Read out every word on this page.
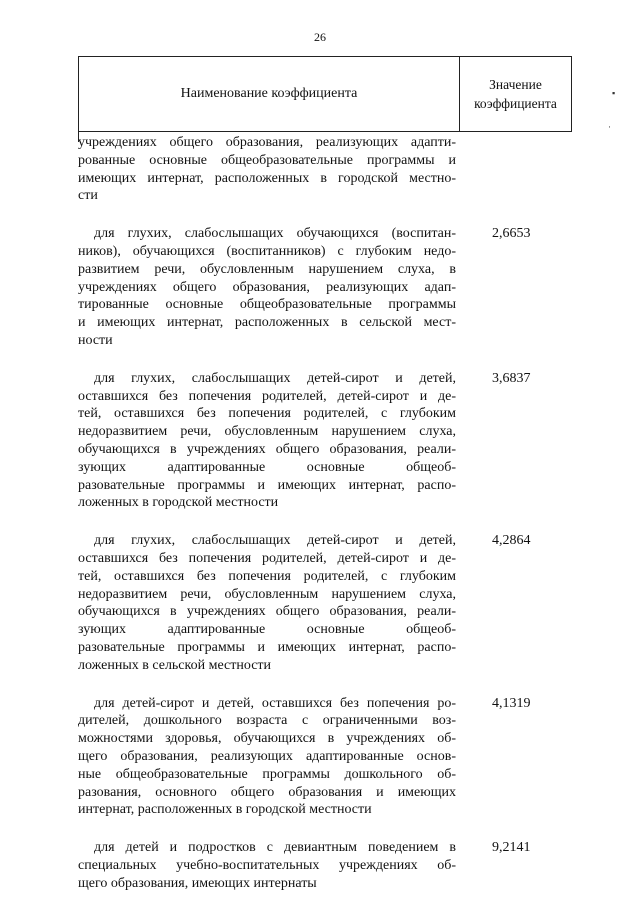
26
Наименование коэффициента
Значение
коэффициента
учреждениях общего образования, реализующих адапти-
рованные основные общеобразовательные программы и
имеющих интернат, расположенных в городской местно-
сти
для глухих, слабослышащих обучающихся (воспитан-
ников), обучающихся (воспитанников) с глубоким недо-
развитием речи, обусловленным нарушением слуха, в
учреждениях общего образования, реализующих адап-
тированные основные общеобразовательные программы
и имеющих интернат, расположенных в сельской мест-
ности
2,6653
для глухих, слабослышащих детей-сирот и детей,
оставшихся без попечения родителей, детей-сирот и де-
тей, оставшихся без попечения родителей, с глубоким
недоразвитием речи, обусловленным нарушением слуха,
обучающихся в учреждениях общего образования, реали-
зующих адаптированные основные общеоб-
разовательные программы и имеющих интернат, распо-
ложенных в городской местности
3,6837
для глухих, слабослышащих детей-сирот и детей,
оставшихся без попечения родителей, детей-сирот и де-
тей, оставшихся без попечения родителей, с глубоким
недоразвитием речи, обусловленным нарушением слуха,
обучающихся в учреждениях общего образования, реали-
зующих адаптированные основные общеоб-
разовательные программы и имеющих интернат, распо-
ложенных в сельской местности
4,2864
для детей-сирот и детей, оставшихся без попечения ро-
дителей, дошкольного возраста с ограниченными воз-
можностями здоровья, обучающихся в учреждениях об-
щего образования, реализующих адаптированные основ-
ные общеобразовательные программы дошкольного об-
разования, основного общего образования и имеющих
интернат, расположенных в городской местности
4,1319
для детей и подростков с девиантным поведением в
специальных учебно-воспитательных учреждениях об-
щего образования, имеющих интернаты
9,2141
▪
·
